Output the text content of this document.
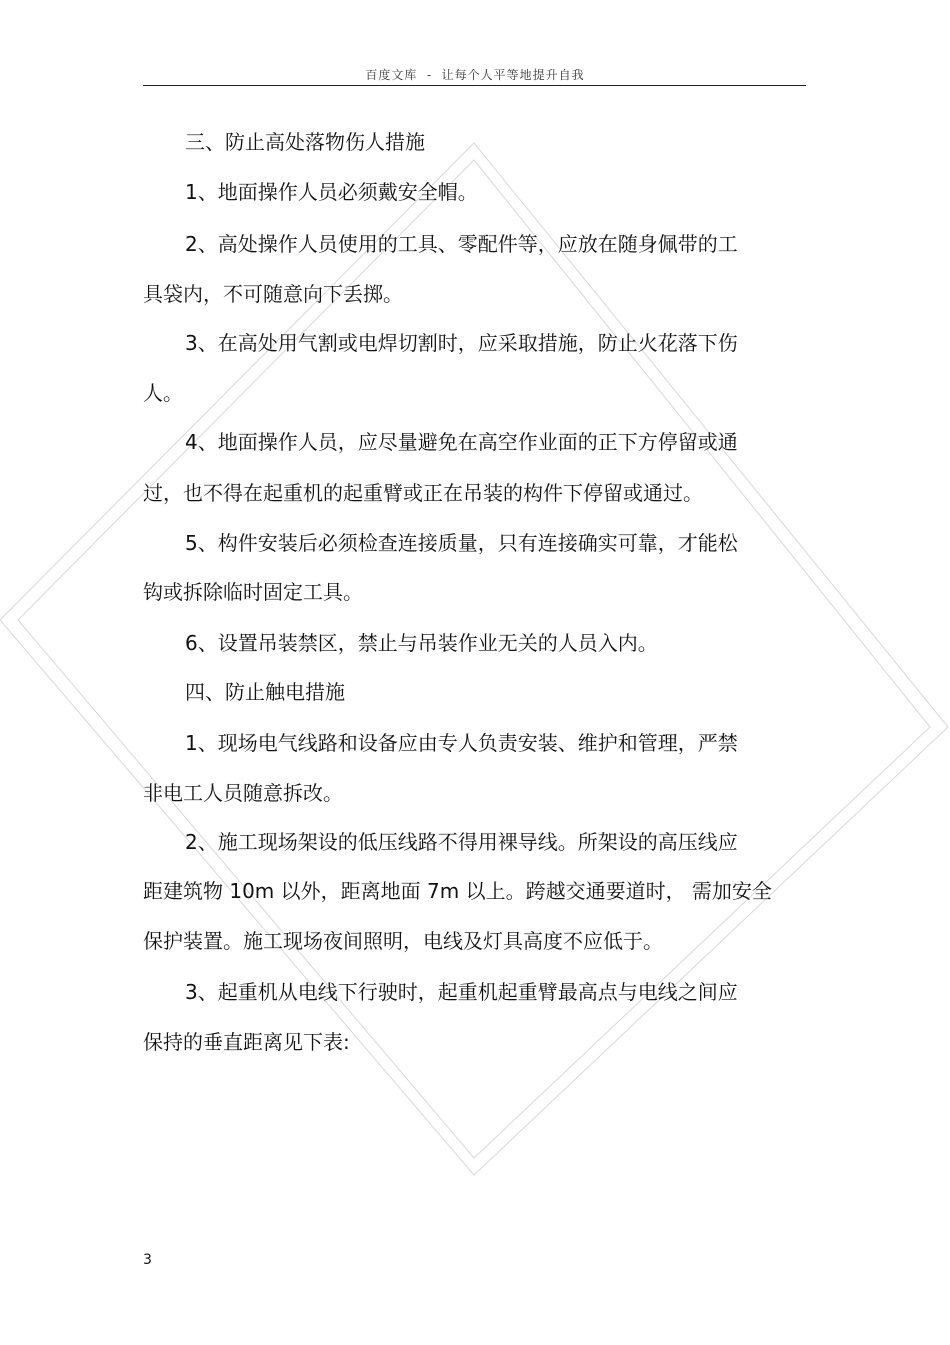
百度文库 - 让每个人平等地提升自我
三、防止高处落物伤人措施
1、地面操作人员必须戴安全帽。
2、高处操作人员使用的工具、零配件等，应放在随身佩带的工
具袋内，不可随意向下丢掷。
3、在高处用气割或电焊切割时，应采取措施，防止火花落下伤
人。
4、地面操作人员，应尽量避免在高空作业面的正下方停留或通
过，也不得在起重机的起重臂或正在吊装的构件下停留或通过。
5、构件安装后必须检查连接质量，只有连接确实可靠，才能松
钩或拆除临时固定工具。
6、设置吊装禁区，禁止与吊装作业无关的人员入内。
四、防止触电措施
1、现场电气线路和设备应由专人负责安装、维护和管理，严禁
非电工人员随意拆改。
2、施工现场架设的低压线路不得用裸导线。所架设的高压线应
距建筑物 10m 以外，距离地面 7m 以上。跨越交通要道时， 需加安全
保护装置。施工现场夜间照明，电线及灯具高度不应低于。
3、起重机从电线下行驶时，起重机起重臂最高点与电线之间应
保持的垂直距离见下表:
3
